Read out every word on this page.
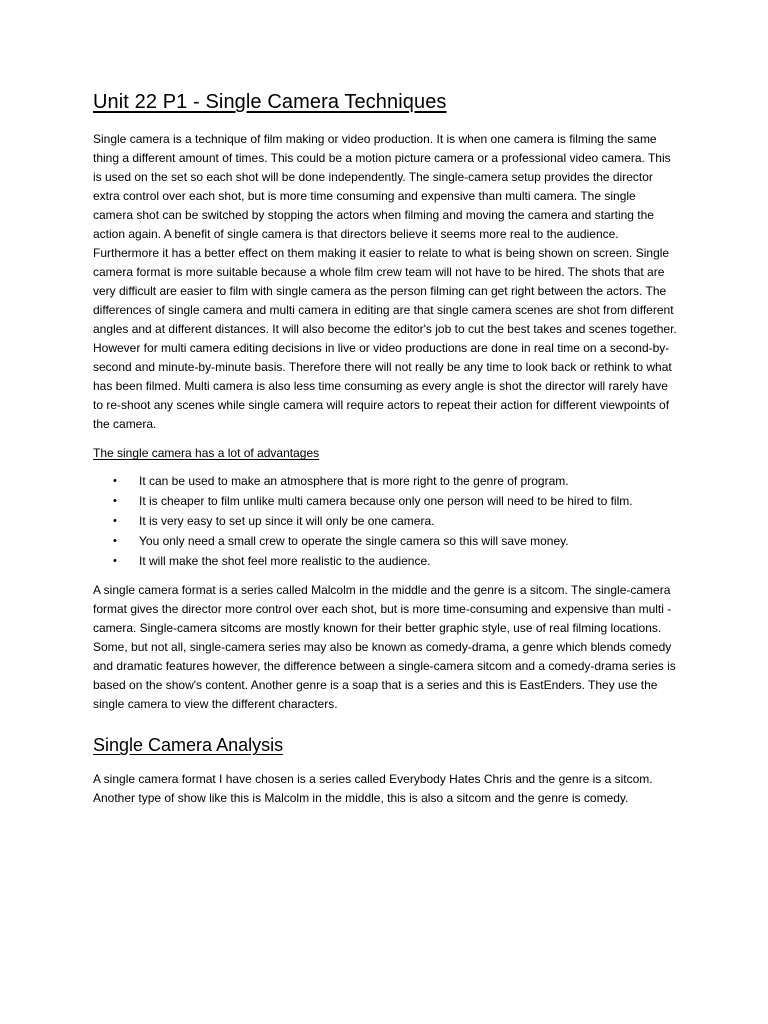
Unit 22 P1 - Single Camera Techniques

Single camera is a technique of film making or video production. It is when one camera is filming the same thing a different amount of times. This could be a motion picture camera or a professional video camera. This is used on the set so each shot will be done independently. The single-camera setup provides the director extra control over each shot, but is more time consuming and expensive than multi camera. The single camera shot can be switched by stopping the actors when filming and moving the camera and starting the action again. A benefit of single camera is that directors believe it seems more real to the audience. Furthermore it has a better effect on them making it easier to relate to what is being shown on screen. Single camera format is more suitable because a whole film crew team will not have to be hired. The shots that are very difficult are easier to film with single camera as the person filming can get right between the actors. The differences of single camera and multi camera in editing are that single camera scenes are shot from different angles and at different distances. It will also become the editor's job to cut the best takes and scenes together. However for multi camera editing decisions in live or video productions are done in real time on a second-by-second and minute-by-minute basis. Therefore there will not really be any time to look back or rethink to what has been filmed. Multi camera is also less time consuming as every angle is shot the director will rarely have to re-shoot any scenes while single camera will require actors to repeat their action for different viewpoints of the camera.

The single camera has a lot of advantages

• It can be used to make an atmosphere that is more right to the genre of program.
• It is cheaper to film unlike multi camera because only one person will need to be hired to film.
• It is very easy to set up since it will only be one camera.
• You only need a small crew to operate the single camera so this will save money.
• It will make the shot feel more realistic to the audience.

A single camera format is a series called Malcolm in the middle and the genre is a sitcom. The single-camera format gives the director more control over each shot, but is more time-consuming and expensive than multi -camera. Single-camera sitcoms are mostly known for their better graphic style, use of real filming locations. Some, but not all, single-camera series may also be known as comedy-drama, a genre which blends comedy and dramatic features however, the difference between a single-camera sitcom and a comedy-drama series is based on the show's content. Another genre is a soap that is a series and this is EastEnders. They use the single camera to view the different characters.

Single Camera Analysis

A single camera format I have chosen is a series called Everybody Hates Chris and the genre is a sitcom. Another type of show like this is Malcolm in the middle, this is also a sitcom and the genre is comedy.
